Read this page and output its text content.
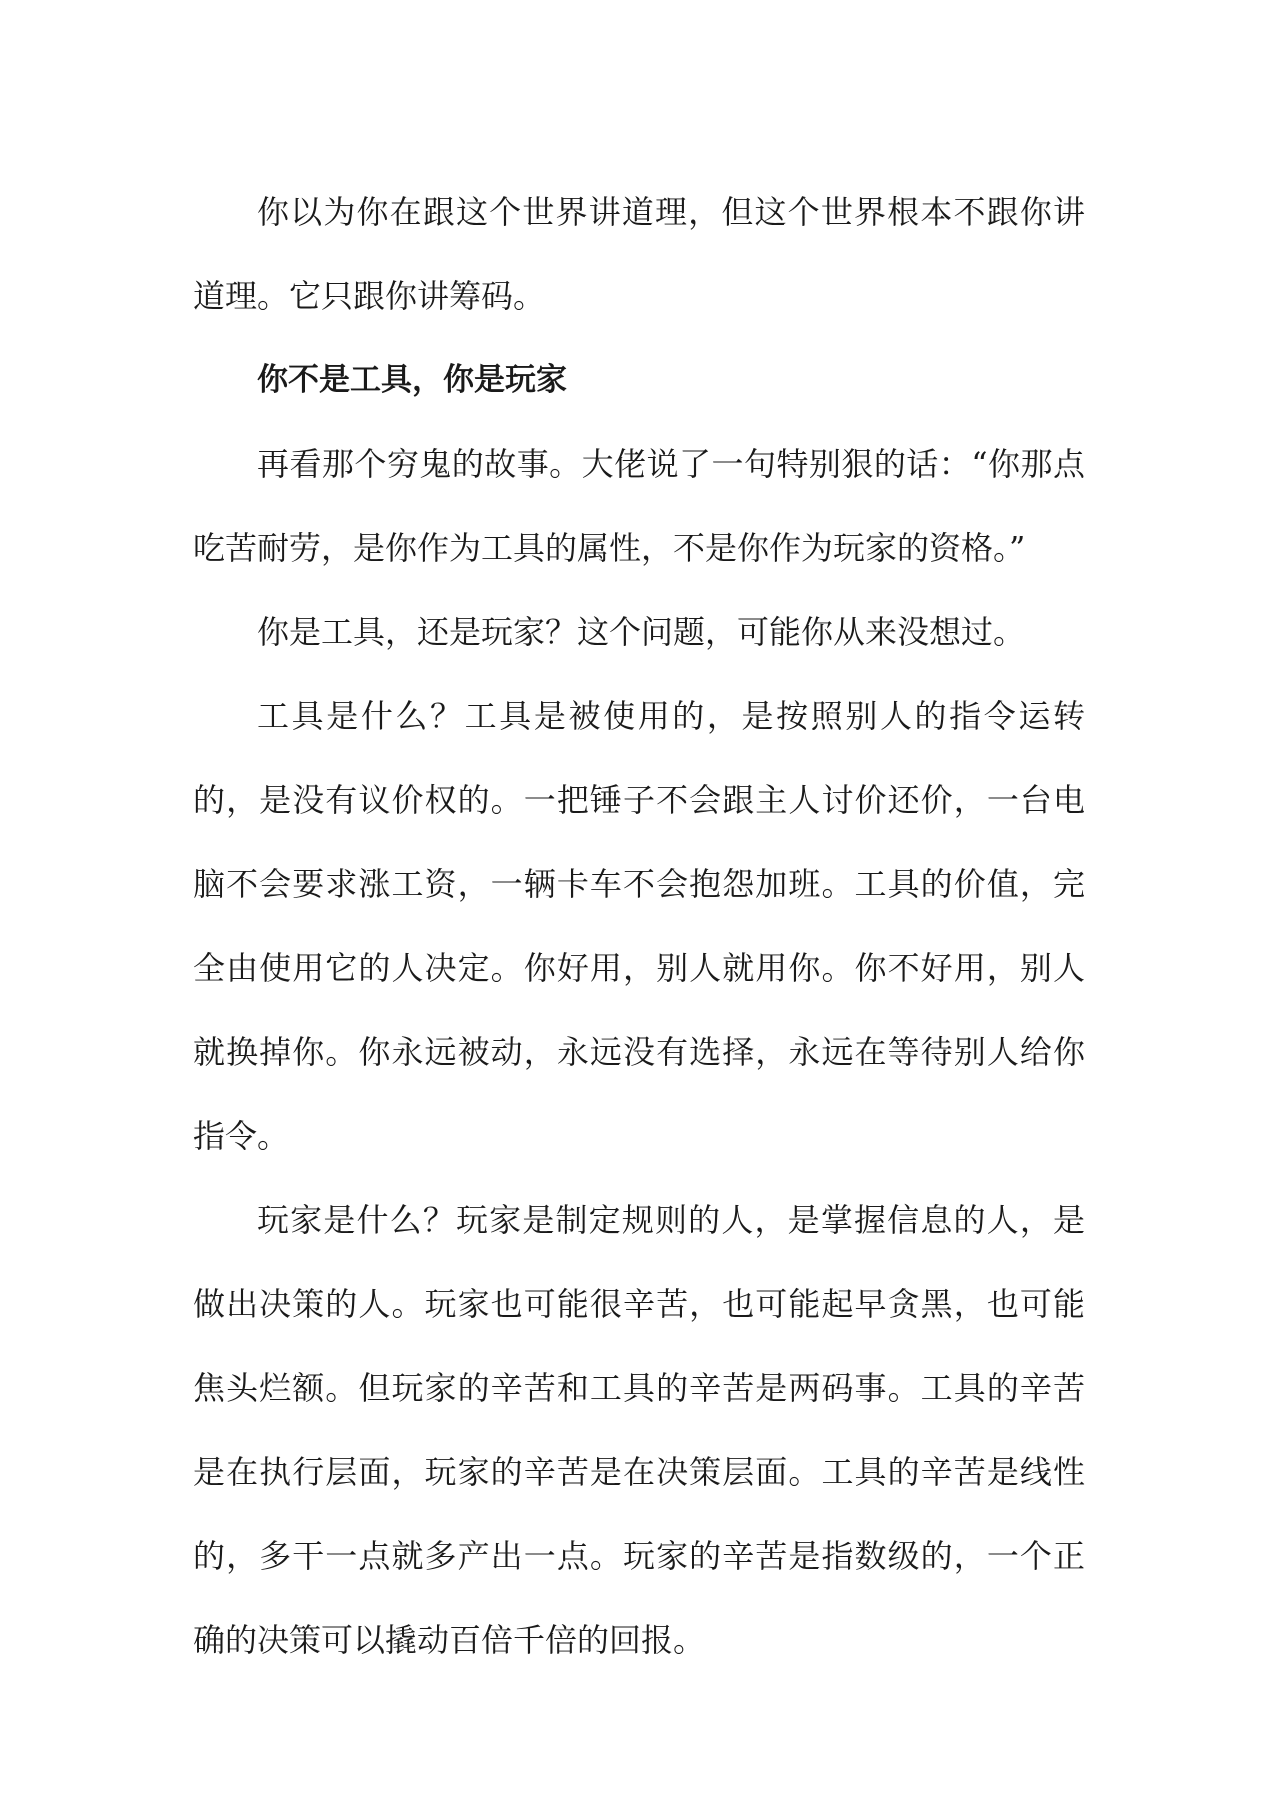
你以为你在跟这个世界讲道理，但这个世界根本不跟你讲道理。它只跟你讲筹码。

你不是工具，你是玩家

再看那个穷鬼的故事。大佬说了一句特别狠的话：“你那点吃苦耐劳，是你作为工具的属性，不是你作为玩家的资格。”

你是工具，还是玩家？这个问题，可能你从来没想过。

工具是什么？工具是被使用的，是按照别人的指令运转的，是没有议价权的。一把锤子不会跟主人讨价还价，一台电脑不会要求涨工资，一辆卡车不会抱怨加班。工具的价值，完全由使用它的人决定。你好用，别人就用你。你不好用，别人就换掉你。你永远被动，永远没有选择，永远在等待别人给你指令。

玩家是什么？玩家是制定规则的人，是掌握信息的人，是做出决策的人。玩家也可能很辛苦，也可能起早贪黑，也可能焦头烂额。但玩家的辛苦和工具的辛苦是两码事。工具的辛苦是在执行层面，玩家的辛苦是在决策层面。工具的辛苦是线性的，多干一点就多产出一点。玩家的辛苦是指数级的，一个正确的决策可以撬动百倍千倍的回报。
